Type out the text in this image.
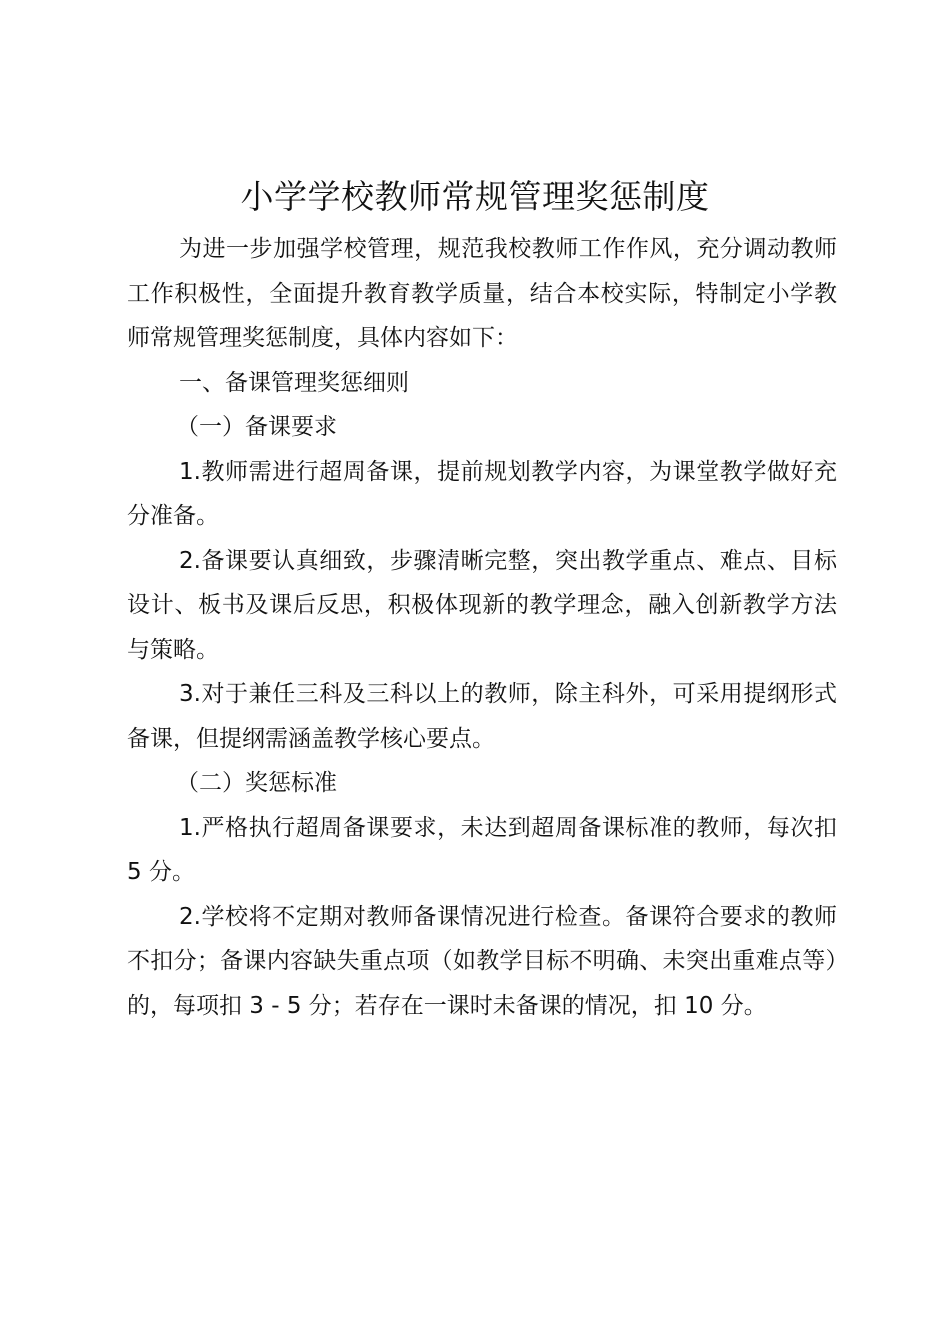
小学学校教师常规管理奖惩制度

为进一步加强学校管理，规范我校教师工作作风，充分调动教师工作积极性，全面提升教育教学质量，结合本校实际，特制定小学教师常规管理奖惩制度，具体内容如下：

一、备课管理奖惩细则

（一）备课要求

1.教师需进行超周备课，提前规划教学内容，为课堂教学做好充分准备。

2.备课要认真细致，步骤清晰完整，突出教学重点、难点、目标设计、板书及课后反思，积极体现新的教学理念，融入创新教学方法与策略。

3.对于兼任三科及三科以上的教师，除主科外，可采用提纲形式备课，但提纲需涵盖教学核心要点。

（二）奖惩标准

1.严格执行超周备课要求，未达到超周备课标准的教师，每次扣 5 分。

2.学校将不定期对教师备课情况进行检查。备课符合要求的教师不扣分；备课内容缺失重点项（如教学目标不明确、未突出重难点等）的，每项扣 3 - 5 分；若存在一课时未备课的情况，扣 10 分。
